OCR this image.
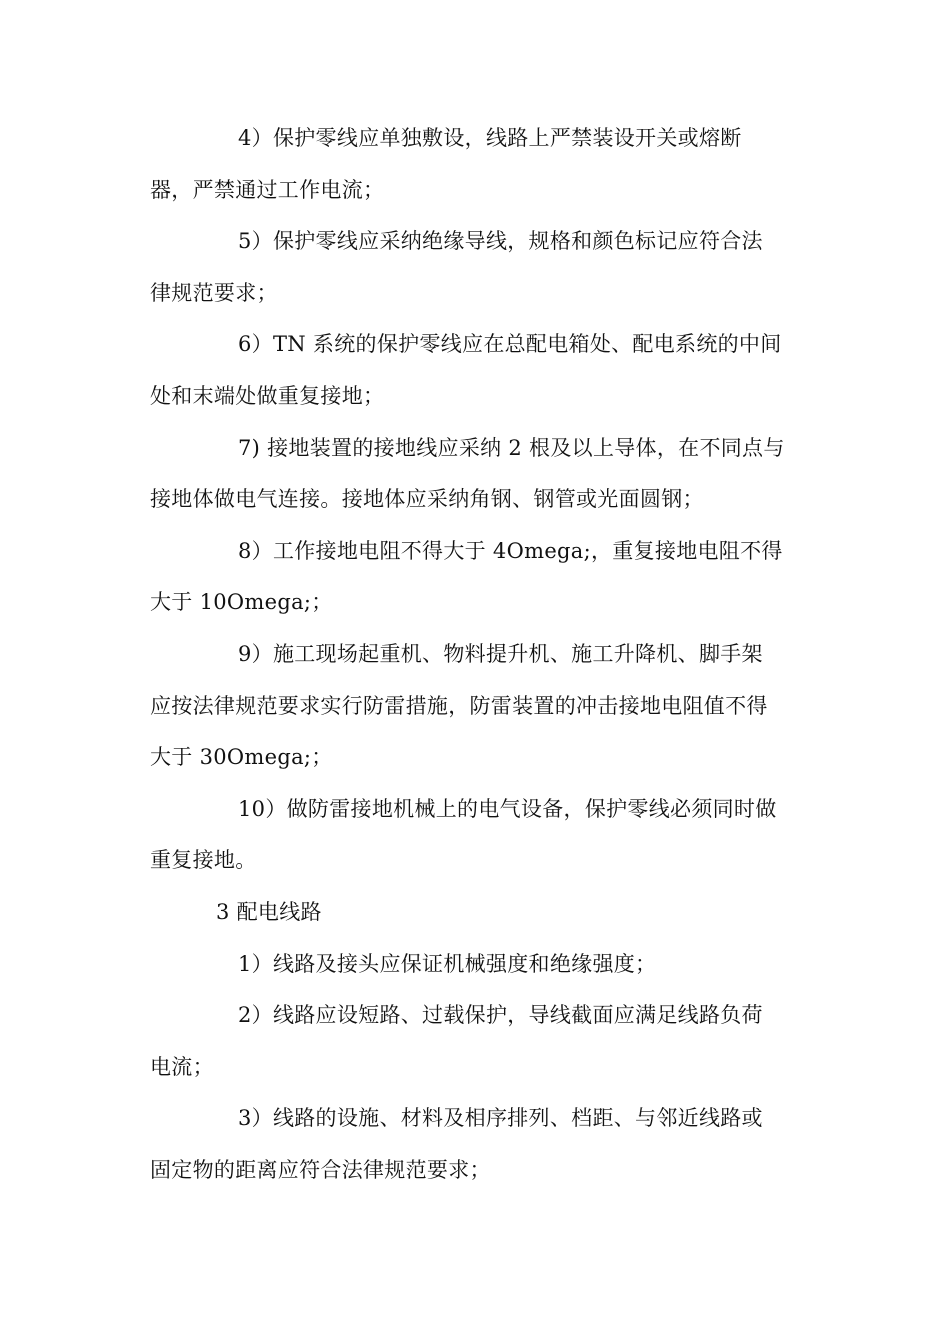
4）保护零线应单独敷设，线路上严禁装设开关或熔断
器，严禁通过工作电流；
5）保护零线应采纳绝缘导线，规格和颜色标记应符合法
律规范要求；
6）TN 系统的保护零线应在总配电箱处、配电系统的中间
处和末端处做重复接地；
7) 接地装置的接地线应采纳 2 根及以上导体，在不同点与
接地体做电气连接。接地体应采纳角钢、钢管或光面圆钢；
8）工作接地电阻不得大于 4Omega;，重复接地电阻不得
大于 10Omega;；
9）施工现场起重机、物料提升机、施工升降机、脚手架
应按法律规范要求实行防雷措施，防雷装置的冲击接地电阻值不得
大于 30Omega;；
10）做防雷接地机械上的电气设备，保护零线必须同时做
重复接地。
3 配电线路
1）线路及接头应保证机械强度和绝缘强度；
2）线路应设短路、过载保护，导线截面应满足线路负荷
电流；
3）线路的设施、材料及相序排列、档距、与邻近线路或
固定物的距离应符合法律规范要求；
